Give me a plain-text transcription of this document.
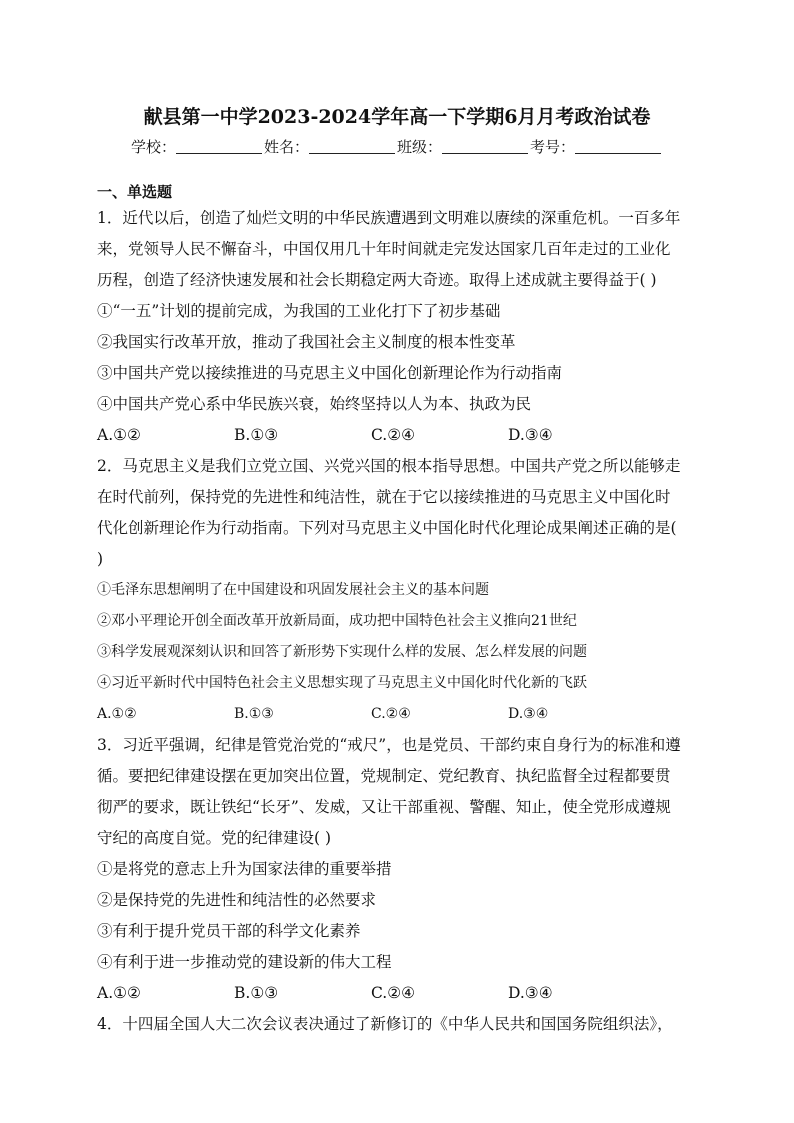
献县第一中学2023-2024学年高一下学期6月月考政治试卷
学校：	姓名：	班级：	考号：
一、单选题

1．近代以后，创造了灿烂文明的中华民族遭遇到文明难以赓续的深重危机。一百多年

来，党领导人民不懈奋斗，中国仅用几十年时间就走完发达国家几百年走过的工业化

历程，创造了经济快速发展和社会长期稳定两大奇迹。取得上述成就主要得益于( )

①“一五”计划的提前完成，为我国的工业化打下了初步基础

②我国实行改革开放，推动了我国社会主义制度的根本性变革

③中国共产党以接续推进的马克思主义中国化创新理论作为行动指南

④中国共产党心系中华民族兴衰，始终坚持以人为本、执政为民

A.①②	B.①③	C.②④	D.③④

2．马克思主义是我们立党立国、兴党兴国的根本指导思想。中国共产党之所以能够走

在时代前列，保持党的先进性和纯洁性，就在于它以接续推进的马克思主义中国化时

代化创新理论作为行动指南。下列对马克思主义中国化时代化理论成果阐述正确的是(

)

①毛泽东思想阐明了在中国建设和巩固发展社会主义的基本问题

②邓小平理论开创全面改革开放新局面，成功把中国特色社会主义推向21世纪

③科学发展观深刻认识和回答了新形势下实现什么样的发展、怎么样发展的问题

④习近平新时代中国特色社会主义思想实现了马克思主义中国化时代化新的飞跃

A.①②	B.①③	C.②④	D.③④

3．习近平强调，纪律是管党治党的“戒尺”，也是党员、干部约束自身行为的标准和遵

循。要把纪律建设摆在更加突出位置，党规制定、党纪教育、执纪监督全过程都要贯

彻严的要求，既让铁纪“长牙”、发威，又让干部重视、警醒、知止，使全党形成遵规

守纪的高度自觉。党的纪律建设( )

①是将党的意志上升为国家法律的重要举措

②是保持党的先进性和纯洁性的必然要求

③有利于提升党员干部的科学文化素养

④有利于进一步推动党的建设新的伟大工程

A.①②	B.①③	C.②④	D.③④

4．十四届全国人大二次会议表决通过了新修订的《中华人民共和国国务院组织法》，
